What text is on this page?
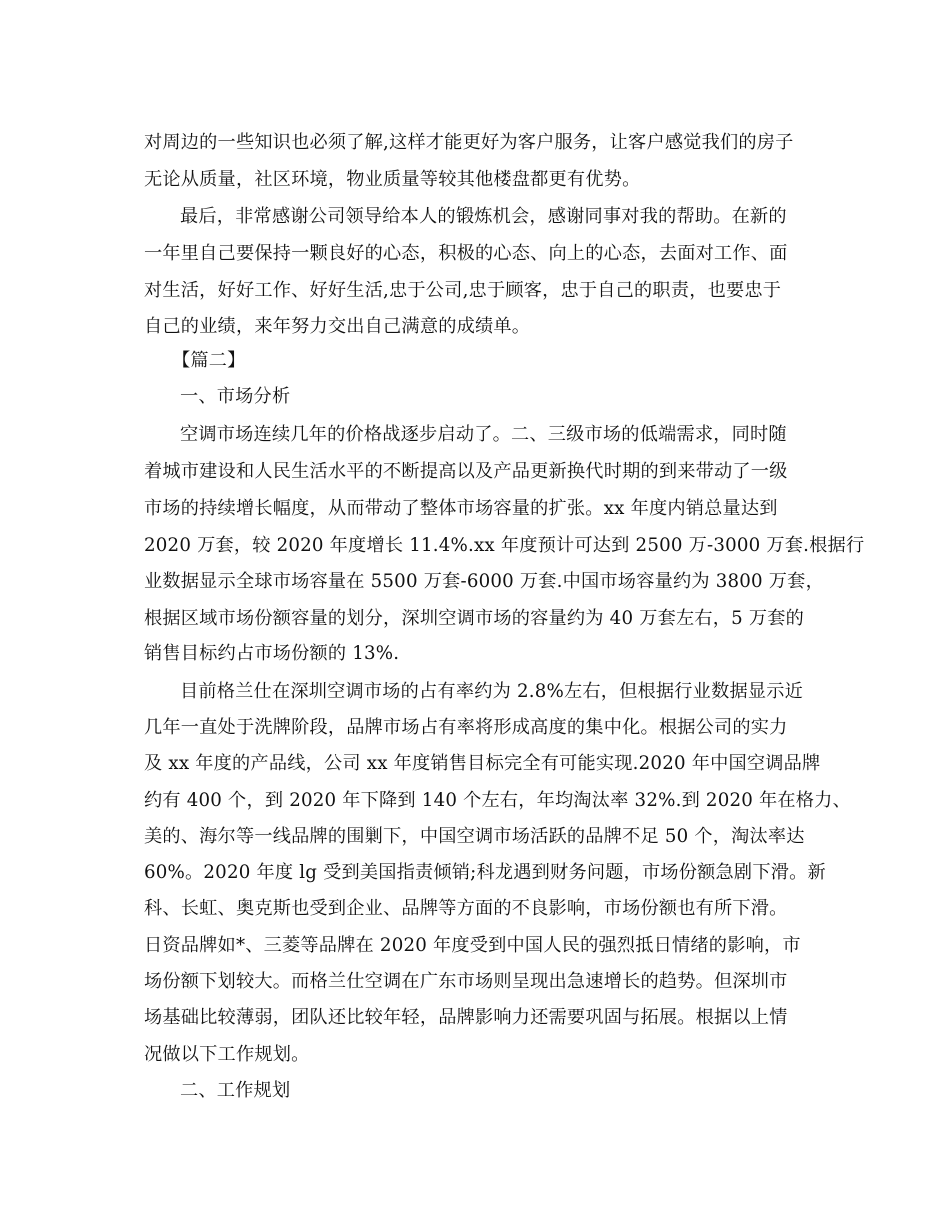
对周边的一些知识也必须了解,这样才能更好为客户服务，让客户感觉我们的房子
无论从质量，社区环境，物业质量等较其他楼盘都更有优势。
最后，非常感谢公司领导给本人的锻炼机会，感谢同事对我的帮助。在新的
一年里自己要保持一颗良好的心态，积极的心态、向上的心态，去面对工作、面
对生活，好好工作、好好生活,忠于公司,忠于顾客，忠于自己的职责，也要忠于
自己的业绩，来年努力交出自己满意的成绩单。
【篇二】
一、市场分析
空调市场连续几年的价格战逐步启动了。二、三级市场的低端需求，同时随
着城市建设和人民生活水平的不断提高以及产品更新换代时期的到来带动了一级
市场的持续增长幅度，从而带动了整体市场容量的扩张。xx 年度内销总量达到
2020 万套，较 2020 年度增长 11.4%.xx 年度预计可达到 2500 万-3000 万套.根据行
业数据显示全球市场容量在 5500 万套-6000 万套.中国市场容量约为 3800 万套，
根据区域市场份额容量的划分，深圳空调市场的容量约为 40 万套左右，5 万套的
销售目标约占市场份额的 13%.
目前格兰仕在深圳空调市场的占有率约为 2.8%左右，但根据行业数据显示近
几年一直处于洗牌阶段，品牌市场占有率将形成高度的集中化。根据公司的实力
及 xx 年度的产品线，公司 xx 年度销售目标完全有可能实现.2020 年中国空调品牌
约有 400 个，到 2020 年下降到 140 个左右，年均淘汰率 32%.到 2020 年在格力、
美的、海尔等一线品牌的围剿下，中国空调市场活跃的品牌不足 50 个，淘汰率达
60%。2020 年度 lg 受到美国指责倾销;科龙遇到财务问题，市场份额急剧下滑。新
科、长虹、奥克斯也受到企业、品牌等方面的不良影响，市场份额也有所下滑。
日资品牌如*、三菱等品牌在 2020 年度受到中国人民的强烈抵日情绪的影响，市
场份额下划较大。而格兰仕空调在广东市场则呈现出急速增长的趋势。但深圳市
场基础比较薄弱，团队还比较年轻，品牌影响力还需要巩固与拓展。根据以上情
况做以下工作规划。
二、工作规划
